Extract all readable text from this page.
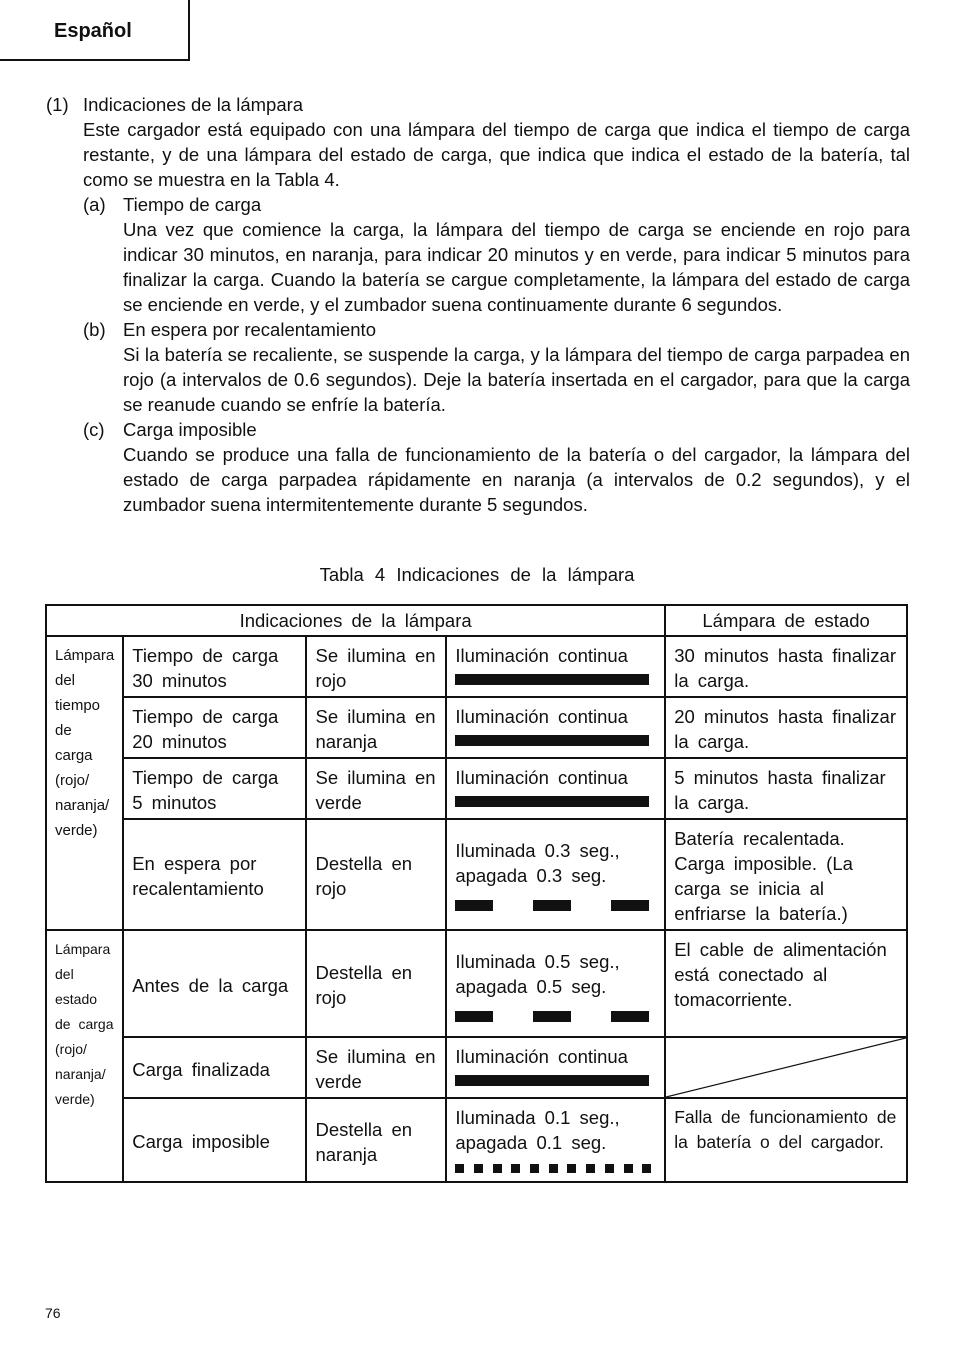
Español
(1) Indicaciones de la lámpara
Este cargador está equipado con una lámpara del tiempo de carga que indica el tiempo de carga restante, y de una lámpara del estado de carga, que indica que indica el estado de la batería, tal como se muestra en la Tabla 4.
(a) Tiempo de carga
Una vez que comience la carga, la lámpara del tiempo de carga se enciende en rojo para indicar 30 minutos, en naranja, para indicar 20 minutos y en verde, para indicar 5 minutos para finalizar la carga. Cuando la batería se cargue completamente, la lámpara del estado de carga se enciende en verde, y el zumbador suena continuamente durante 6 segundos.
(b) En espera por recalentamiento
Si la batería se recaliente, se suspende la carga, y la lámpara del tiempo de carga parpadea en rojo (a intervalos de 0.6 segundos). Deje la batería insertada en el cargador, para que la carga se reanude cuando se enfríe la batería.
(c) Carga imposible
Cuando se produce una falla de funcionamiento de la batería o del cargador, la lámpara del estado de carga parpadea rápidamente en naranja (a intervalos de 0.2 segundos), y el zumbador suena intermitentemente durante 5 segundos.
Tabla 4 Indicaciones de la lámpara
Indicaciones de la lámpara				Lámpara de estado
Lámpara del tiempo de carga (rojo/ naranja/ verde)	Tiempo de carga 30 minutos	Se ilumina en rojo	Iluminación continua	30 minutos hasta finalizar la carga.
	Tiempo de carga 20 minutos	Se ilumina en naranja	Iluminación continua	20 minutos hasta finalizar la carga.
	Tiempo de carga 5 minutos	Se ilumina en verde	Iluminación continua	5 minutos hasta finalizar la carga.
	En espera por recalentamiento	Destella en rojo	Iluminada 0.3 seg., apagada 0.3 seg.	Batería recalentada. Carga imposible. (La carga se inicia al enfriarse la batería.)
Lámpara del estado de carga (rojo/ naranja/ verde)	Antes de la carga	Destella en rojo	Iluminada 0.5 seg., apagada 0.5 seg.	El cable de alimentación está conectado al tomacorriente.
	Carga finalizada	Se ilumina en verde	Iluminación continua

	Carga imposible	Destella en naranja	Iluminada 0.1 seg., apagada 0.1 seg.	Falla de funcionamiento de la batería o del cargador.
76
